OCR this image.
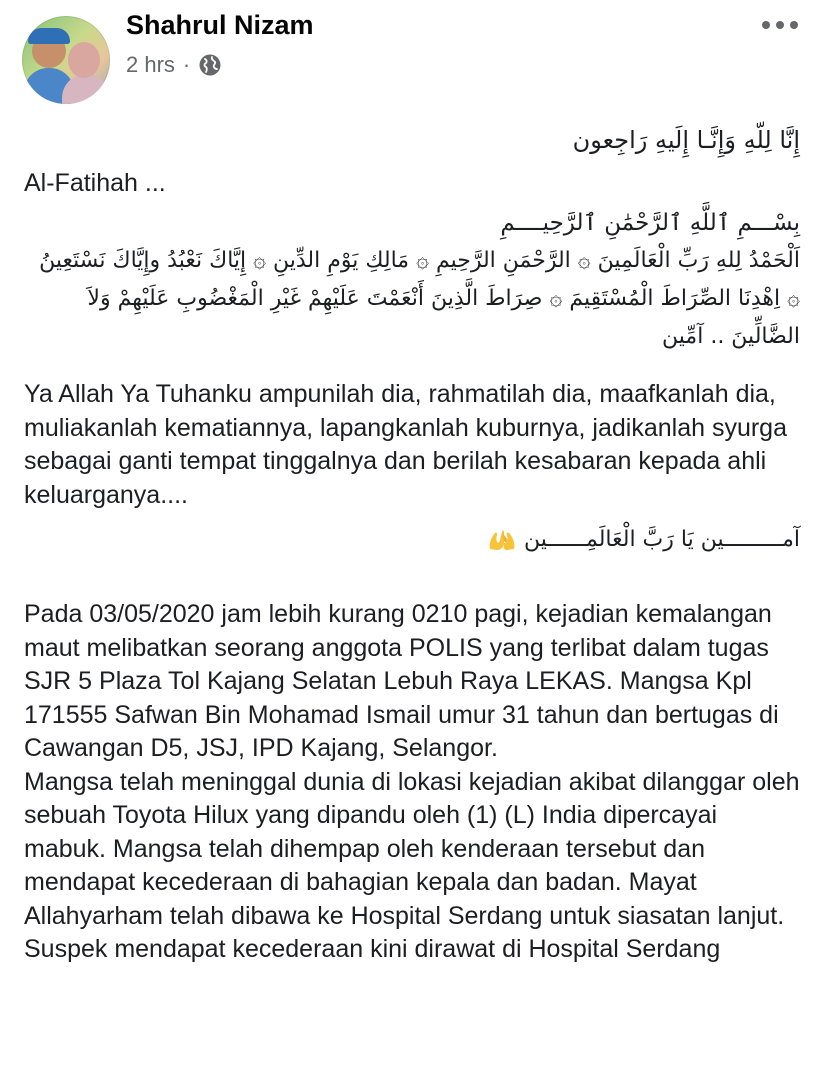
Shahrul Nizam
2 hrs ·
إِنَّا لِلّهِ وَإِنَّـا إِلَيهِ رَاجِعون
Al-Fatihah ...
بِسْـــمِ ٱللَّهِ ٱلرَّحْمَٰنِ ٱلرَّحِيــــمِ
اَلْحَمْدُ لِلهِ رَبِّ الْعَالَمِينَ ۞ الرَّحْمَنِ الرَّحِيمِ ۞ مَالِكِ يَوْمِ الدِّينِ ۞ إِيَّاكَ نَعْبُدُ وإِيَّاكَ نَسْتَعِينُ ۞ اِهْدِنَا الصِّرَاطَ الْمُسْتَقِيمَ ۞ صِرَاطَ الَّذِينَ أَنْعَمْتَ عَلَيْهِمْ غَيْرِ الْمَغْضُوبِ عَلَيْهِمْ وَلاَ الضَّالِّينَ .. آمِّين
Ya Allah Ya Tuhanku ampunilah dia, rahmatilah dia, maafkanlah dia, muliakanlah kematiannya, lapangkanlah kuburnya, jadikanlah syurga sebagai ganti tempat tinggalnya dan berilah kesabaran kepada ahli keluarganya....
آمـــــــــين يَا رَبَّ الْعَالَمِــــــين
Pada 03/05/2020 jam lebih kurang 0210 pagi, kejadian kemalangan maut melibatkan seorang anggota POLIS yang terlibat dalam tugas SJR 5 Plaza Tol Kajang Selatan Lebuh Raya LEKAS. Mangsa Kpl 171555 Safwan Bin Mohamad Ismail umur 31 tahun dan bertugas di Cawangan D5, JSJ, IPD Kajang, Selangor.
Mangsa telah meninggal dunia di lokasi kejadian akibat dilanggar oleh sebuah Toyota Hilux yang dipandu oleh (1) (L) India dipercayai mabuk. Mangsa telah dihempap oleh kenderaan tersebut dan mendapat kecederaan di bahagian kepala dan badan. Mayat Allahyarham telah dibawa ke Hospital Serdang untuk siasatan lanjut. Suspek mendapat kecederaan kini dirawat di Hospital Serdang
